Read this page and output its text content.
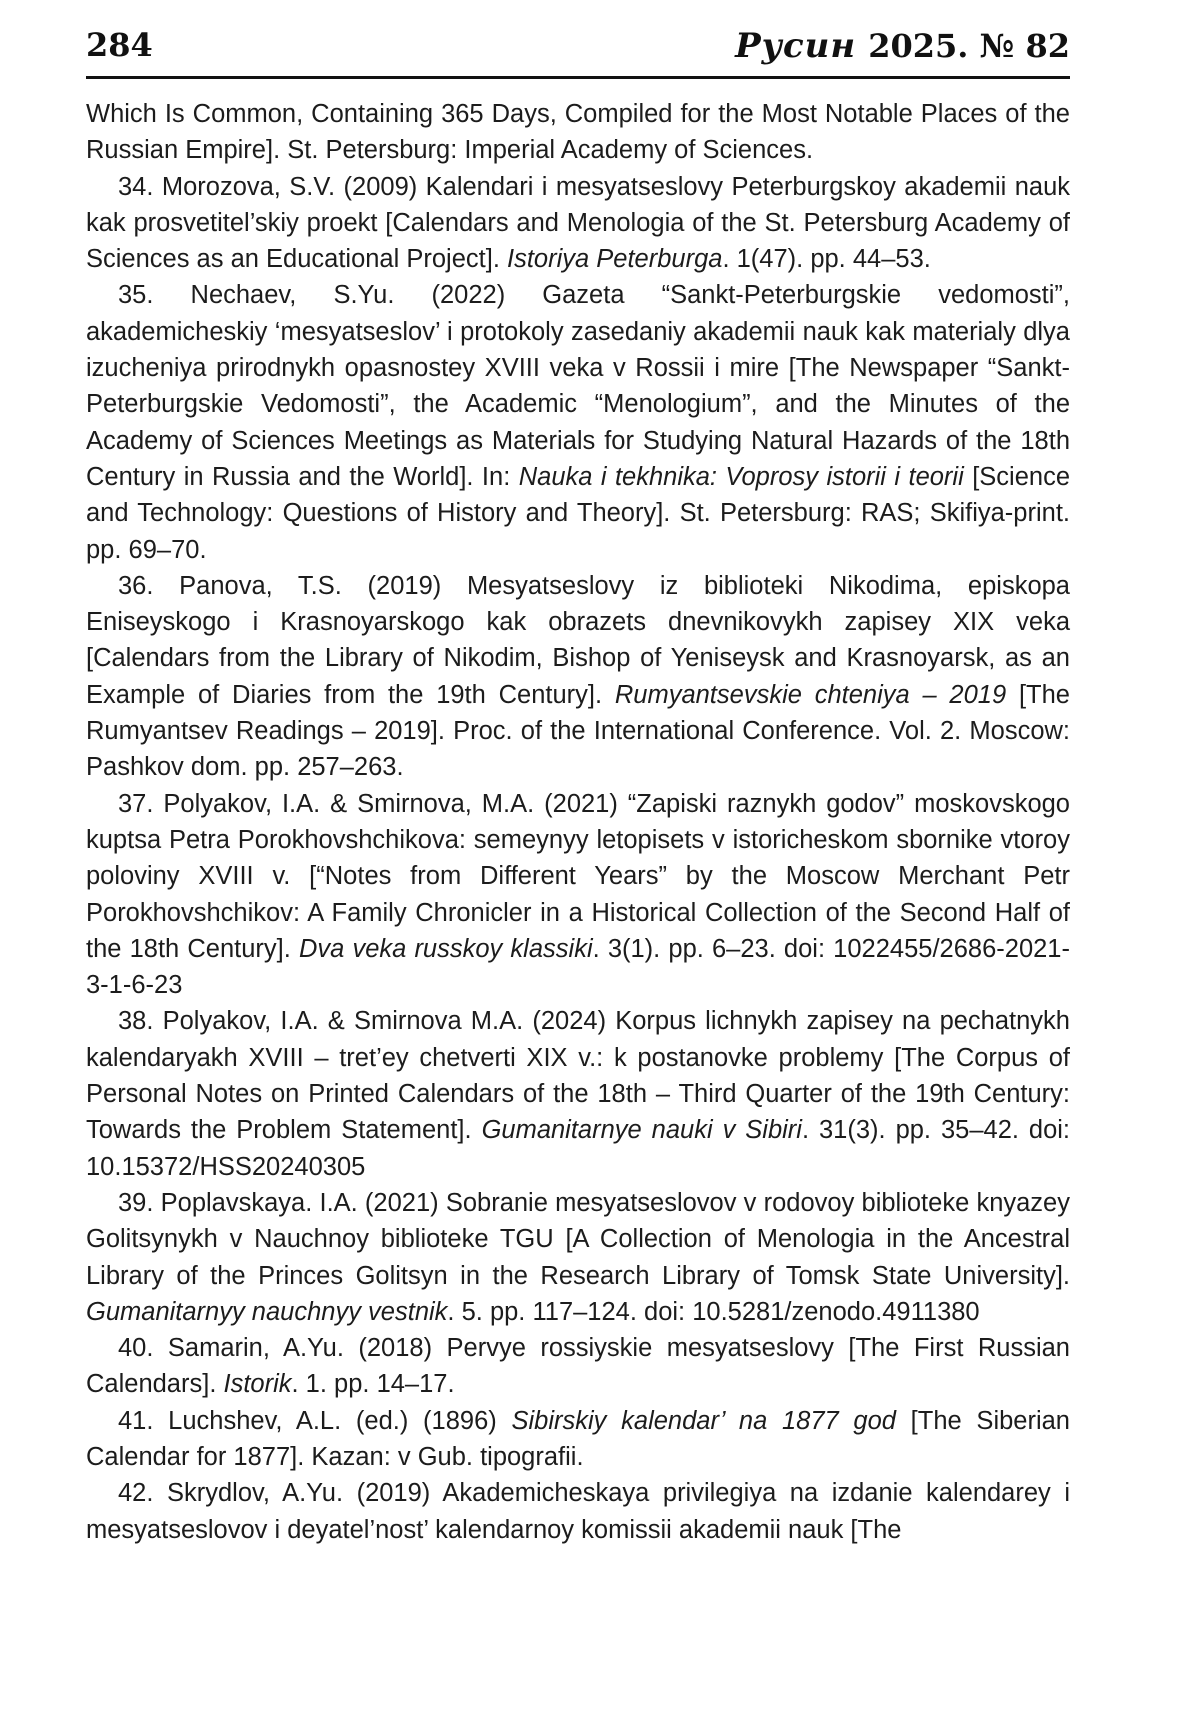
284	Русин 2025. № 82

Which Is Common, Containing 365 Days, Compiled for the Most Notable Places of the Russian Empire]. St. Petersburg: Imperial Academy of Sciences.

34. Morozova, S.V. (2009) Kalendari i mesyatseslovy Peterburgskoy akademii nauk kak prosvetitel’skiy proekt [Calendars and Menologia of the St. Petersburg Academy of Sciences as an Educational Project]. Istoriya Peterburga. 1(47). pp. 44–53.

35. Nechaev, S.Yu. (2022) Gazeta “Sankt-Peterburgskie vedomosti”, akademicheskiy ‘mesyatseslov’ i protokoly zasedaniy akademii nauk kak materialy dlya izucheniya prirodnykh opasnostey XVIII veka v Rossii i mire [The Newspaper “Sankt-Peterburgskie Vedomosti”, the Academic “Menologium”, and the Minutes of the Academy of Sciences Meetings as Materials for Studying Natural Hazards of the 18th Century in Russia and the World]. In: Nauka i tekhnika: Voprosy istorii i teorii [Science and Technology: Questions of History and Theory]. St. Petersburg: RAS; Skifiya-print. pp. 69–70.

36. Panova, T.S. (2019) Mesyatseslovy iz biblioteki Nikodima, episkopa Eniseyskogo i Krasnoyarskogo kak obrazets dnevnikovykh zapisey XIX veka [Calendars from the Library of Nikodim, Bishop of Yeniseysk and Krasnoyarsk, as an Example of Diaries from the 19th Century]. Rumyantsevskie chteniya – 2019 [The Rumyantsev Readings – 2019]. Proc. of the International Conference. Vol. 2. Moscow: Pashkov dom. pp. 257–263.

37. Polyakov, I.A. & Smirnova, M.A. (2021) “Zapiski raznykh godov” moskovskogo kuptsa Petra Porokhovshchikova: semeynyy letopisets v istoricheskom sbornike vtoroy poloviny XVIII v. [“Notes from Different Years” by the Moscow Merchant Petr Porokhovshchikov: A Family Chronicler in a Historical Collection of the Second Half of the 18th Century]. Dva veka russkoy klassiki. 3(1). pp. 6–23. doi: 1022455/2686-2021-3-1-6-23

38. Polyakov, I.A. & Smirnova M.A. (2024) Korpus lichnykh zapisey na pechatnykh kalendaryakh XVIII – tret’ey chetverti XIX v.: k postanovke problemy [The Corpus of Personal Notes on Printed Calendars of the 18th – Third Quarter of the 19th Century: Towards the Problem Statement]. Gumanitarnye nauki v Sibiri. 31(3). pp. 35–42. doi: 10.15372/HSS20240305

39. Poplavskaya. I.A. (2021) Sobranie mesyatseslovov v rodovoy biblioteke knyazey Golitsynykh v Nauchnoy biblioteke TGU [A Collection of Menologia in the Ancestral Library of the Princes Golitsyn in the Research Library of Tomsk State University]. Gumanitarnyy nauchnyy vestnik. 5. pp. 117–124. doi: 10.5281/zenodo.4911380

40. Samarin, A.Yu. (2018) Pervye rossiyskie mesyatseslovy [The First Russian Calendars]. Istorik. 1. pp. 14–17.

41. Luchshev, A.L. (ed.) (1896) Sibirskiy kalendar’ na 1877 god [The Siberian Calendar for 1877]. Kazan: v Gub. tipografii.

42. Skrydlov, A.Yu. (2019) Akademicheskaya privilegiya na izdanie kalendarey i mesyatseslovov i deyatel’nost’ kalendarnoy komissii akademii nauk [The
